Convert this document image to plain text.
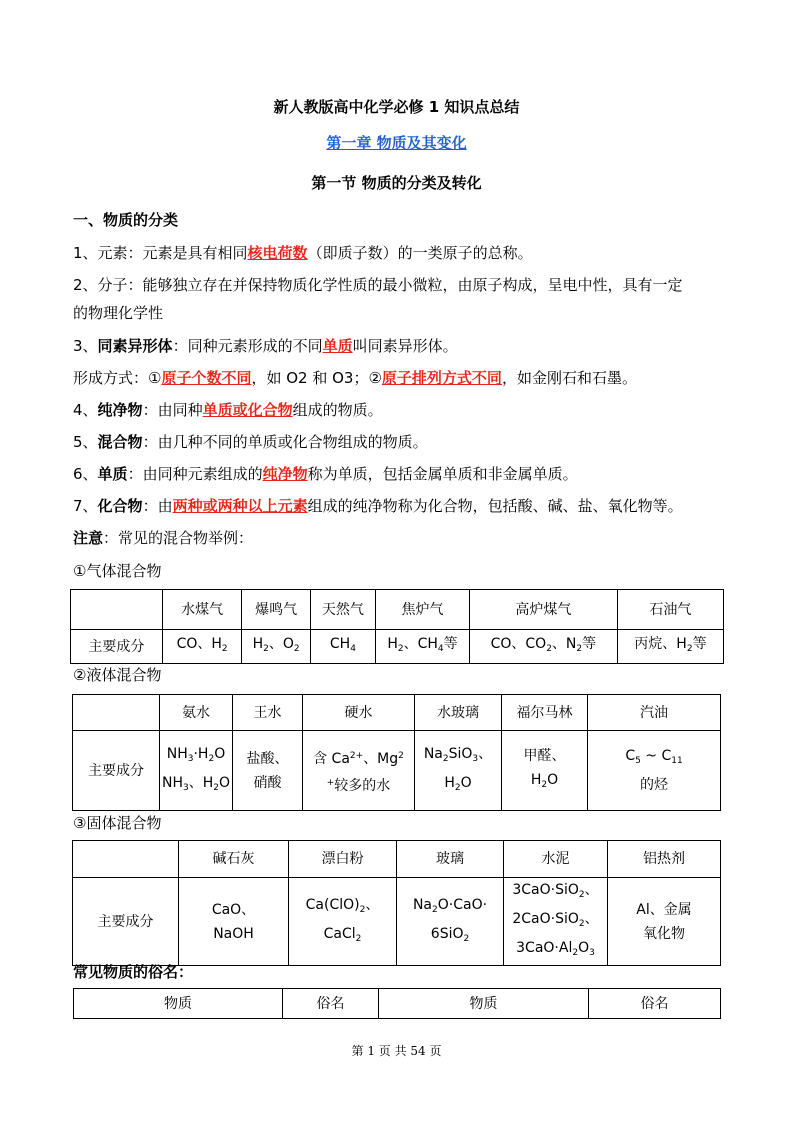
新人教版高中化学必修 1 知识点总结
第一章 物质及其变化
第一节 物质的分类及转化
一、物质的分类
1、元素：元素是具有相同核电荷数（即质子数）的一类原子的总称。
2、分子：能够独立存在并保持物质化学性质的最小微粒，由原子构成，呈电中性，具有一定
的物理化学性
3、同素异形体：同种元素形成的不同单质叫同素异形体。
形成方式：①原子个数不同，如 O2 和 O3；②原子排列方式不同，如金刚石和石墨。
4、纯净物：由同种单质或化合物组成的物质。
5、混合物：由几种不同的单质或化合物组成的物质。
6、单质：由同种元素组成的纯净物称为单质，包括金属单质和非金属单质。
7、化合物：由两种或两种以上元素组成的纯净物称为化合物，包括酸、碱、盐、氧化物等。
注意：常见的混合物举例：
①气体混合物
	水煤气	爆鸣气	天然气	焦炉气	高炉煤气	石油气
主要成分	CO、$H_2$	$H_2$、$O_2$	$CH_4$	$H_2$、$CH_4$等	CO、$CO_2$、$N_2$等	丙烷、$H_2$等
②液体混合物
	氨水	王水	硬水	水玻璃	福尔马林	汽油
主要成分	$NH_3\cdot H_2O$
$NH_3$、$H_2O$	盐酸、
硝酸	含 $Ca^{2+}$、Mg$^2$
+较多的水	$Na_2SiO_3$、
$H_2O$	甲醛、
$H_2O$	$C_5$ ~ $C_{11}$
的烃
③固体混合物
	碱石灰	漂白粉	玻璃	水泥	铝热剂
主要成分	CaO、
NaOH	$Ca(ClO)_2$、
CaCl$_2$	$Na_2O\cdot CaO\cdot$
6SiO$_2$	3CaO·SiO$_2$、
2CaO·SiO$_2$、
$3CaO\cdot Al_2O_3$	Al、金属
氧化物
常见物质的俗名：
物质	俗名	物质	俗名
第 1 页 共 54 页
